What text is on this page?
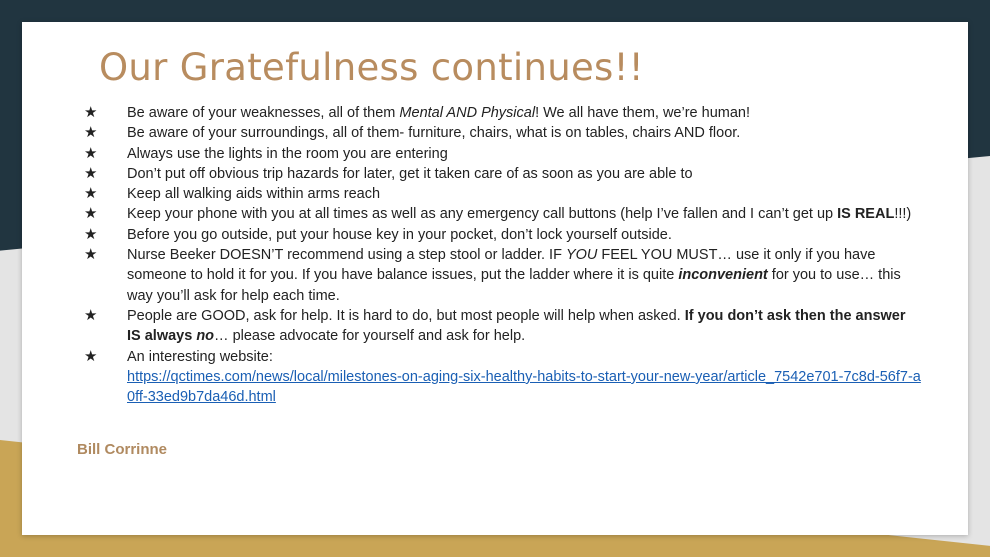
Our Gratefulness continues!!
★ Be aware of your weaknesses, all of them Mental AND Physical! We all have them, we’re human!
★ Be aware of your surroundings, all of them- furniture, chairs, what is on tables, chairs AND floor.
★ Always use the lights in the room you are entering
★ Don’t put off obvious trip hazards for later, get it taken care of as soon as you are able to
★ Keep all walking aids within arms reach
★ Keep your phone with you at all times as well as any emergency call buttons (help I’ve fallen and I can’t get up IS REAL!!!)
★ Before you go outside, put your house key in your pocket, don’t lock yourself outside.
★ Nurse Beeker DOESN’T recommend using a step stool or ladder. IF YOU FEEL YOU MUST… use it only if you have someone to hold it for you. If you have balance issues, put the ladder where it is quite inconvenient for you to use… this way you’ll ask for help each time.
★ People are GOOD, ask for help. It is hard to do, but most people will help when asked. If you don’t ask then the answer IS always no… please advocate for yourself and ask for help.
★ An interesting website:
https://qctimes.com/news/local/milestones-on-aging-six-healthy-habits-to-start-your-new-year/article_7542e701-7c8d-56f7-a0ff-33ed9b7da46d.html

Bill Corrinne
